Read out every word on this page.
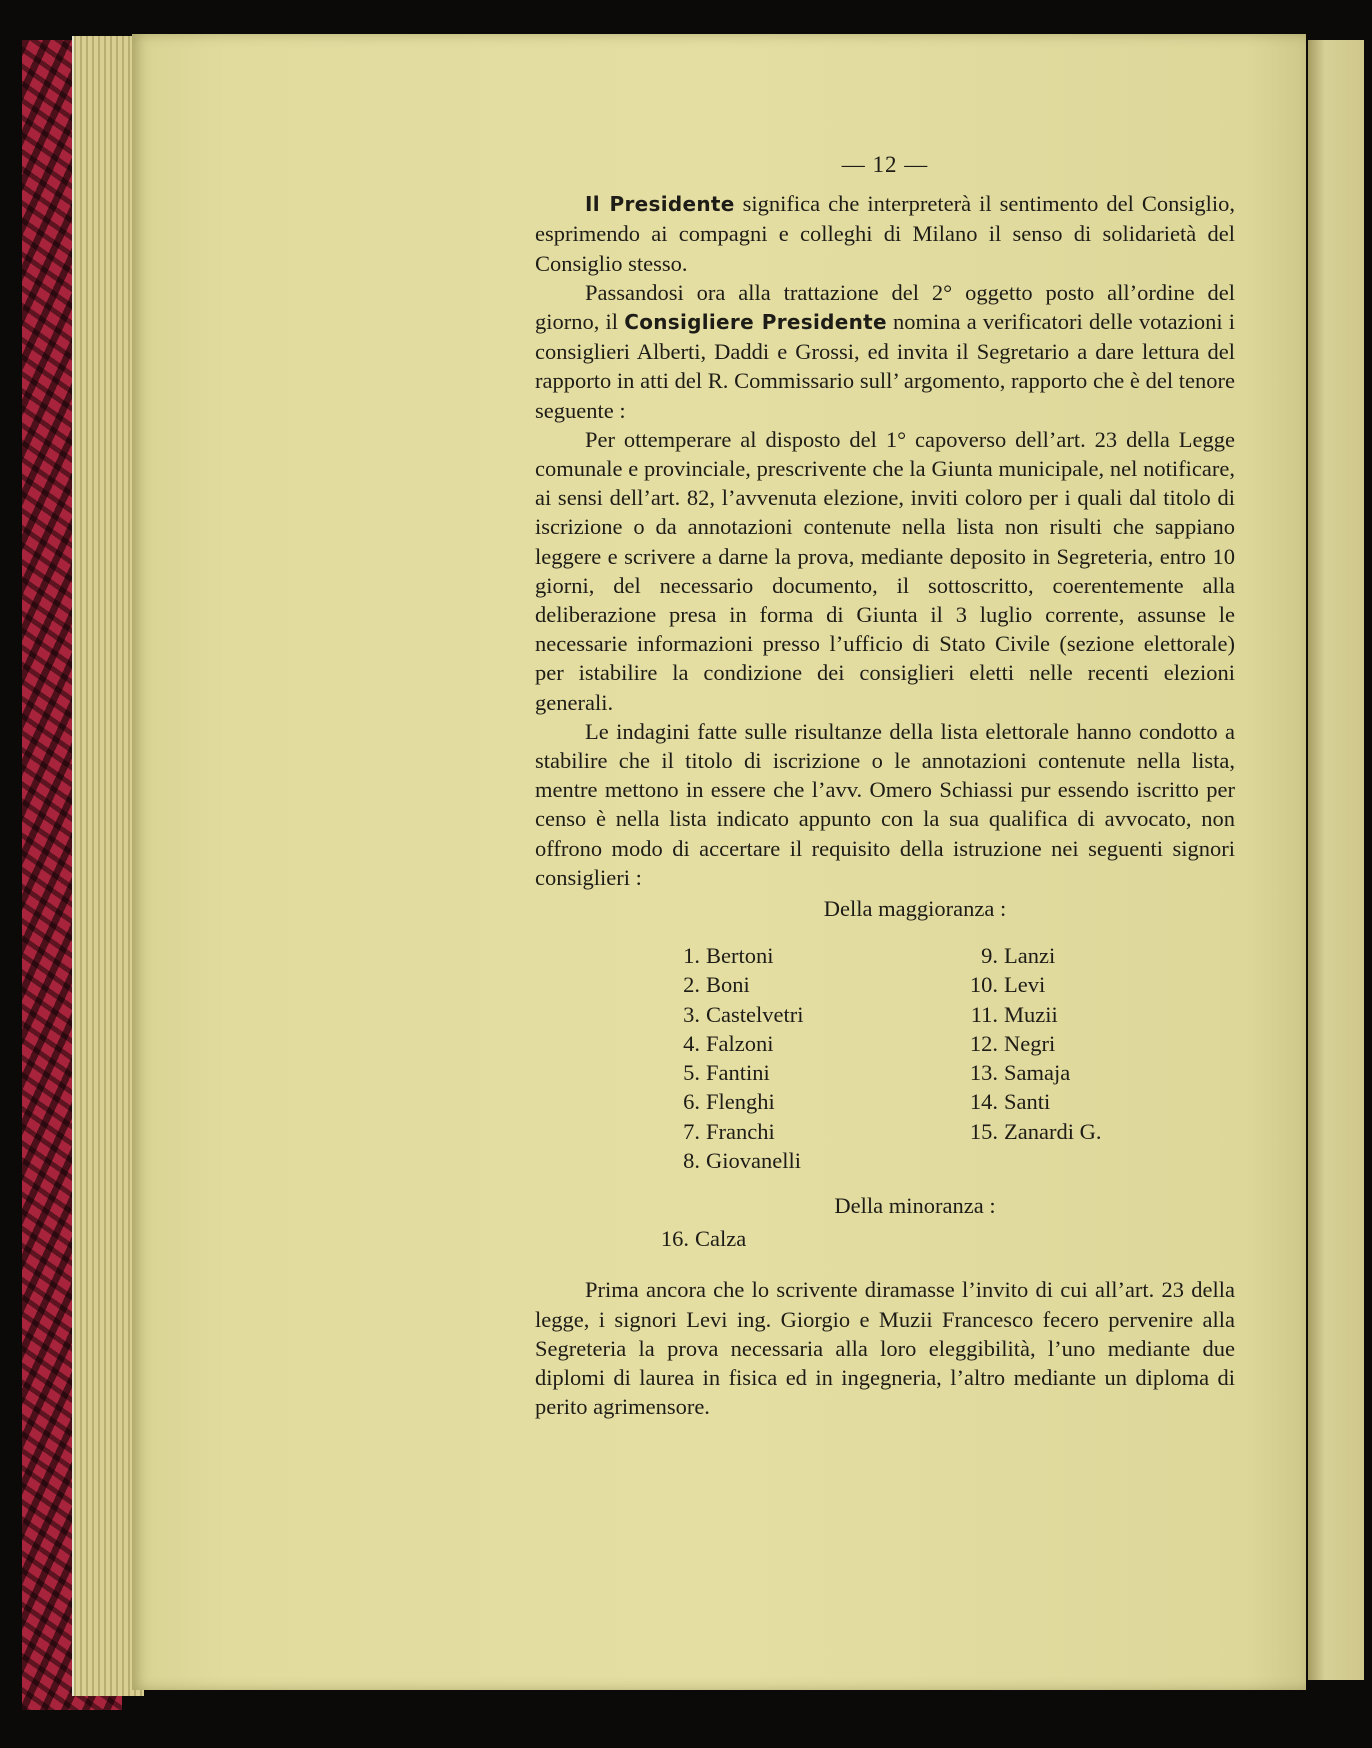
— 12 —

Il Presidente significa che interpreterà il sentimento del Consiglio, esprimendo ai compagni e colleghi di Milano il senso di solidarietà del Consiglio stesso.

Passandosi ora alla trattazione del 2° oggetto posto all’ordine del giorno, il Consigliere Presidente nomina a verificatori delle votazioni i consiglieri Alberti, Daddi e Grossi, ed invita il Segretario a dare lettura del rapporto in atti del R. Commissario sull’ argomento, rapporto che è del tenore seguente :

Per ottemperare al disposto del 1° capoverso dell’art. 23 della Legge comunale e provinciale, prescrivente che la Giunta municipale, nel notificare, ai sensi dell’art. 82, l’avvenuta elezione, inviti coloro per i quali dal titolo di iscrizione o da annotazioni contenute nella lista non risulti che sappiano leggere e scrivere a darne la prova, mediante deposito in Segreteria, entro 10 giorni, del necessario documento, il sottoscritto, coerentemente alla deliberazione presa in forma di Giunta il 3 luglio corrente, assunse le necessarie informazioni presso l’ufficio di Stato Civile (sezione elettorale) per istabilire la condizione dei consiglieri eletti nelle recenti elezioni generali.

Le indagini fatte sulle risultanze della lista elettorale hanno condotto a stabilire che il titolo di iscrizione o le annotazioni contenute nella lista, mentre mettono in essere che l’avv. Omero Schiassi pur essendo iscritto per censo è nella lista indicato appunto con la sua qualifica di avvocato, non offrono modo di accertare il requisito della istruzione nei seguenti signori consiglieri :

Della maggioranza :

1. Bertoni

2. Boni

3. Castelvetri

4. Falzoni

5. Fantini

6. Flenghi

7. Franchi

8. Giovanelli

9. Lanzi

10. Levi

11. Muzii

12. Negri

13. Samaja

14. Santi

15. Zanardi G.

Della minoranza :

16. Calza

Prima ancora che lo scrivente diramasse l’invito di cui all’art. 23 della legge, i signori Levi ing. Giorgio e Muzii Francesco fecero pervenire alla Segreteria la prova necessaria alla loro eleggibilità, l’uno mediante due diplomi di laurea in fisica ed in ingegneria, l’altro mediante un diploma di perito agrimensore.
